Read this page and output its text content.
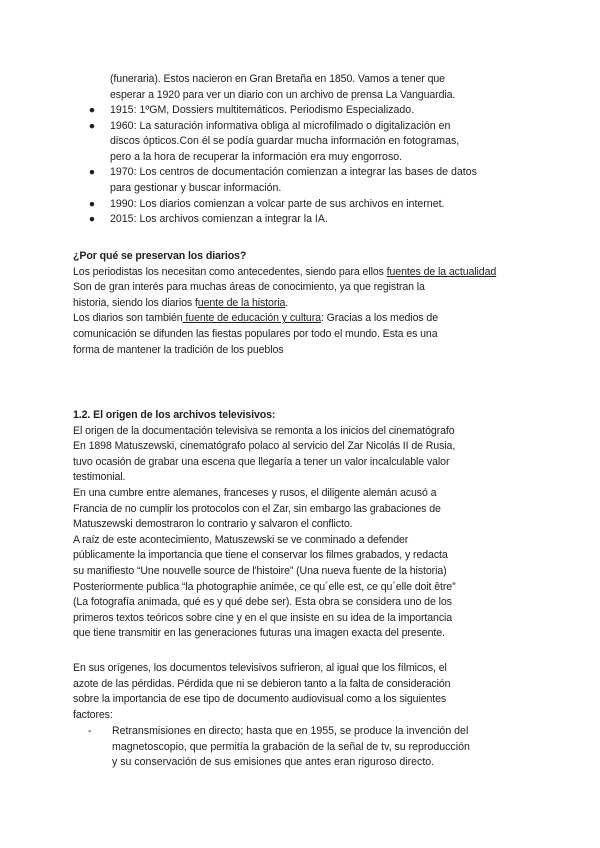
(funeraria). Estos nacieron en Gran Bretaña en 1850. Vamos a tener que

esperar a 1920 para ver un diario con un archivo de prensa La Vanguardia.

●	1915: 1ºGM, Dossiers multitemáticos. Periodismo Especializado.

●	1960: La saturación informativa obliga al microfilmado o digitalización en

discos ópticos.Con él se podía guardar mucha información en fotogramas,

pero a la hora de recuperar la información era muy engorroso.

●	1970: Los centros de documentación comienzan a integrar las bases de datos

para gestionar y buscar información.

●	1990: Los diarios comienzan a volcar parte de sus archivos en internet.

●	2015: Los archivos comienzan a integrar la IA.

¿Por qué se preservan los diarios?

Los periodistas los necesitan como antecedentes, siendo para ellos fuentes de la actualidad

Son de gran interés para muchas áreas de conocimiento, ya que registran la

historia, siendo los diarios fuente de la historia.

Los diarios son también fuente de educación y cultura: Gracias a los medios de

comunicación se difunden las fiestas populares por todo el mundo. Esta es una

forma de mantener la tradición de los pueblos

1.2. El origen de los archivos televisivos:

El origen de la documentación televisiva se remonta a los inicios del cinematógrafo

En 1898 Matuszewski, cinematógrafo polaco al servicio del Zar Nicolás II de Rusia,

tuvo ocasión de grabar una escena que llegaría a tener un valor incalculable valor

testimonial.

En una cumbre entre alemanes, franceses y rusos, el diligente alemán acusó a

Francia de no cumplir los protocolos con el Zar, sin embargo las grabaciones de

Matuszewski demostraron lo contrario y salvaron el conflicto.

A raíz de este acontecimiento, Matuszewski se ve conminado a defender

públicamente la importancia que tiene el conservar los filmes grabados, y redacta

su manifiesto “Une nouvelle source de l'histoire” (Una nueva fuente de la historia)

Posteriormente publica “la photographie animée, ce qu´elle est, ce qu´elle doit être”

(La fotografía animada, qué es y qué debe ser). Esta obra se considera uno de los

primeros textos teóricos sobre cine y en el que insiste en su idea de la importancia

que tiene transmitir en las generaciones futuras una imagen exacta del presente.

En sus orígenes, los documentos televisivos sufrieron, al igual que los fílmicos, el

azote de las pérdidas. Pérdida que ni se debieron tanto a la falta de consideración

sobre la importancia de ese tipo de documento audiovisual como a los siguientes

factores:

- Retransmisiones en directo; hasta que en 1955, se produce la invención del

magnetoscopio, que permitía la grabación de la señal de tv, su reproducción

y su conservación de sus emisiones que antes eran riguroso directo.
